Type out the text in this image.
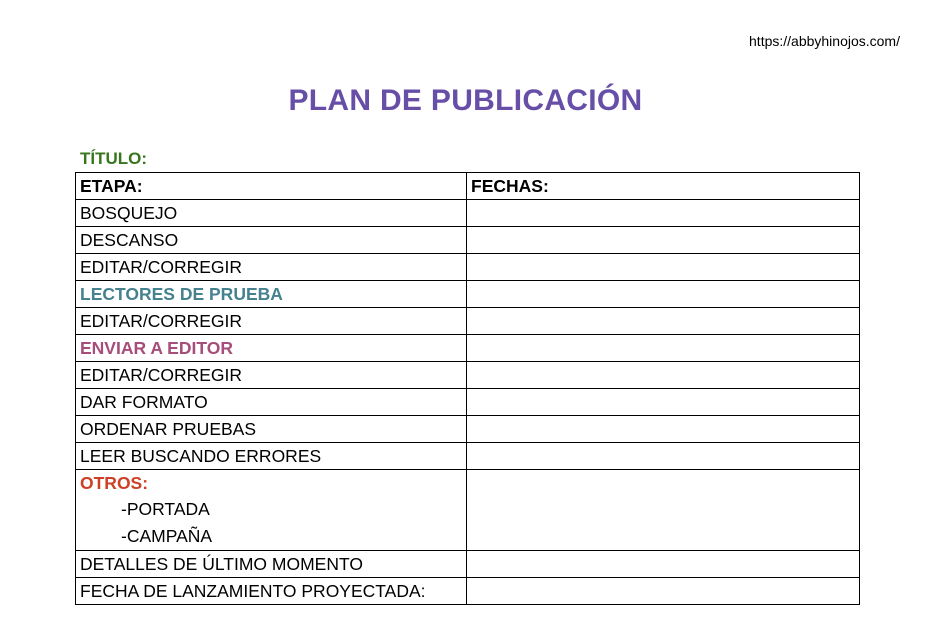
https://abbyhinojos.com/
PLAN DE PUBLICACIÓN
TÍTULO:
ETAPA:	FECHAS:
BOSQUEJO	
DESCANSO	
EDITAR/CORREGIR	
LECTORES DE PRUEBA	
EDITAR/CORREGIR	
ENVIAR A EDITOR	
EDITAR/CORREGIR	
DAR FORMATO	
ORDENAR PRUEBAS	
LEER BUSCANDO ERRORES	

OTROS:
-PORTADA
-CAMPAÑA	

DETALLES DE ÚLTIMO MOMENTO	
FECHA DE LANZAMIENTO PROYECTADA:	
